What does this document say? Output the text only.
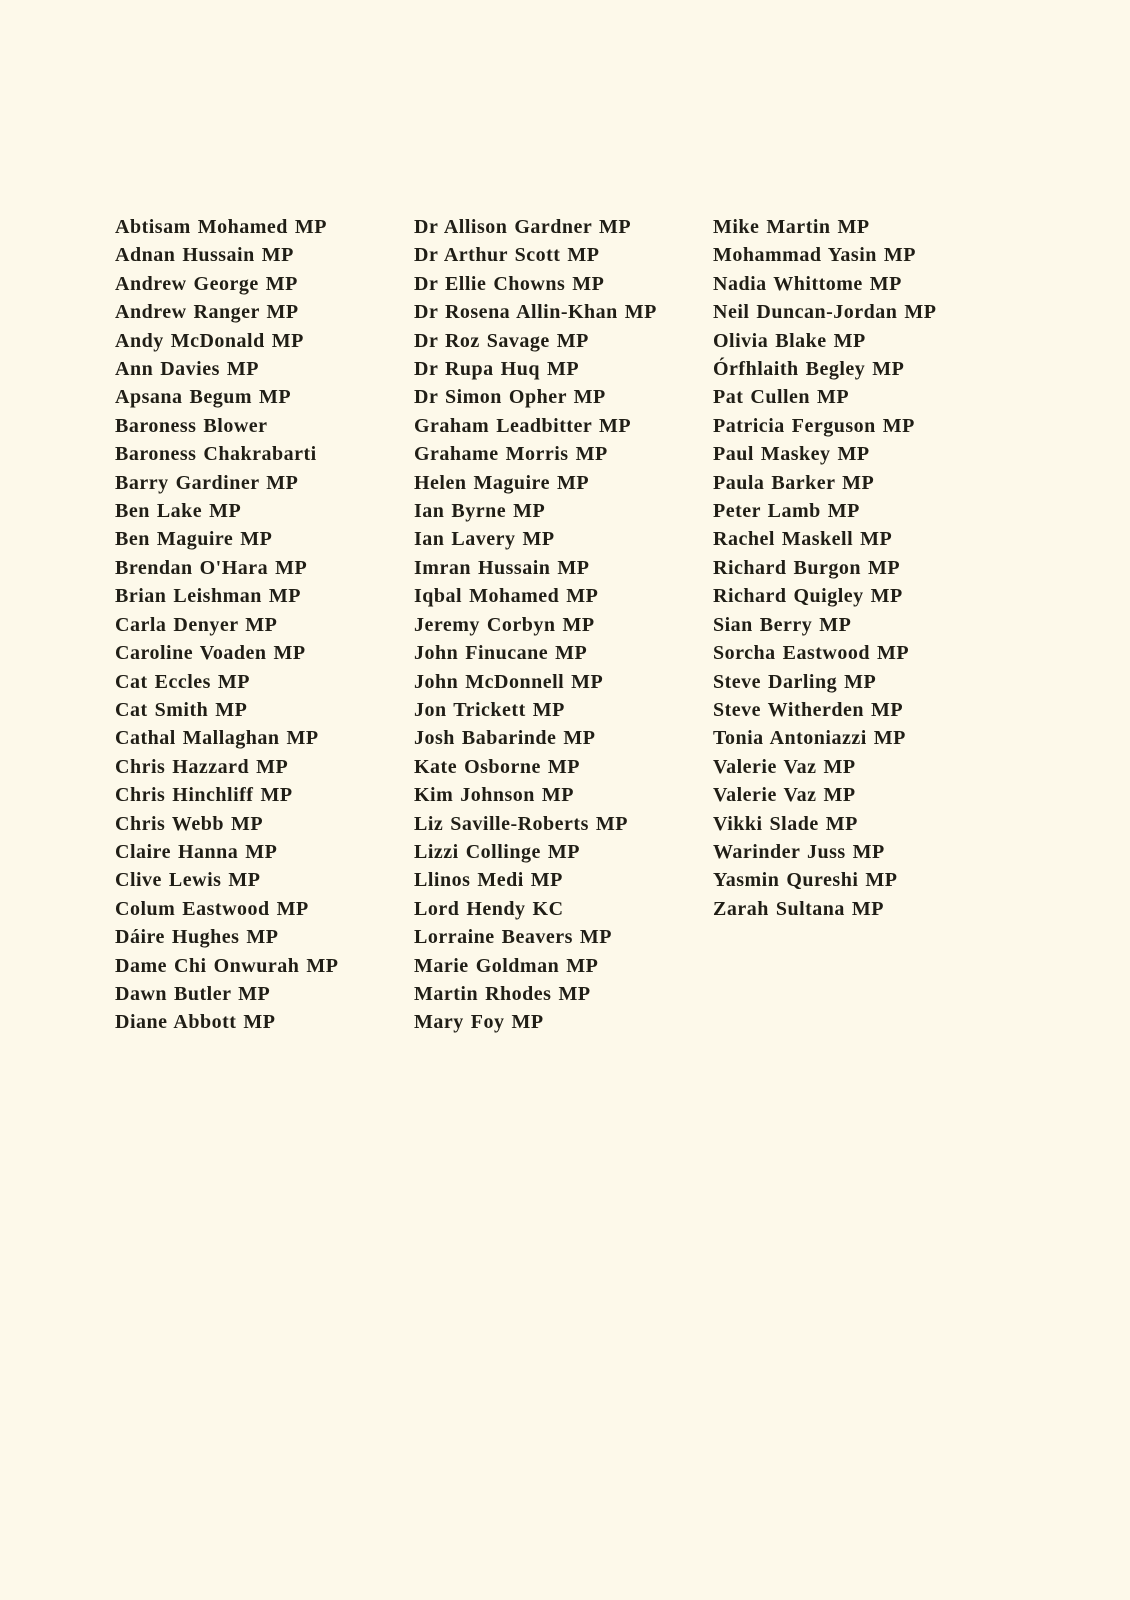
Abtisam Mohamed MP
Adnan Hussain MP
Andrew George MP
Andrew Ranger MP
Andy McDonald MP
Ann Davies MP
Apsana Begum MP
Baroness Blower
Baroness Chakrabarti
Barry Gardiner MP
Ben Lake MP
Ben Maguire MP
Brendan O'Hara MP
Brian Leishman MP
Carla Denyer MP
Caroline Voaden MP
Cat Eccles MP
Cat Smith MP
Cathal Mallaghan MP
Chris Hazzard MP
Chris Hinchliff MP
Chris Webb MP
Claire Hanna MP
Clive Lewis MP
Colum Eastwood MP
Dáire Hughes MP
Dame Chi Onwurah MP
Dawn Butler MP
Diane Abbott MP
Dr Allison Gardner MP
Dr Arthur Scott MP
Dr Ellie Chowns MP
Dr Rosena Allin-Khan MP
Dr Roz Savage MP
Dr Rupa Huq MP
Dr Simon Opher MP
Graham Leadbitter MP
Grahame Morris MP
Helen Maguire MP
Ian Byrne MP
Ian Lavery MP
Imran Hussain MP
Iqbal Mohamed MP
Jeremy Corbyn MP
John Finucane MP
John McDonnell MP
Jon Trickett MP
Josh Babarinde MP
Kate Osborne MP
Kim Johnson MP
Liz Saville-Roberts MP
Lizzi Collinge MP
Llinos Medi MP
Lord Hendy KC
Lorraine Beavers MP
Marie Goldman MP
Martin Rhodes MP
Mary Foy MP
Mike Martin MP
Mohammad Yasin MP
Nadia Whittome MP
Neil Duncan-Jordan MP
Olivia Blake MP
Órfhlaith Begley MP
Pat Cullen MP
Patricia Ferguson MP
Paul Maskey MP
Paula Barker MP
Peter Lamb MP
Rachel Maskell MP
Richard Burgon MP
Richard Quigley MP
Sian Berry MP
Sorcha Eastwood MP
Steve Darling MP
Steve Witherden MP
Tonia Antoniazzi MP
Valerie Vaz MP
Valerie Vaz MP
Vikki Slade MP
Warinder Juss MP
Yasmin Qureshi MP
Zarah Sultana MP
